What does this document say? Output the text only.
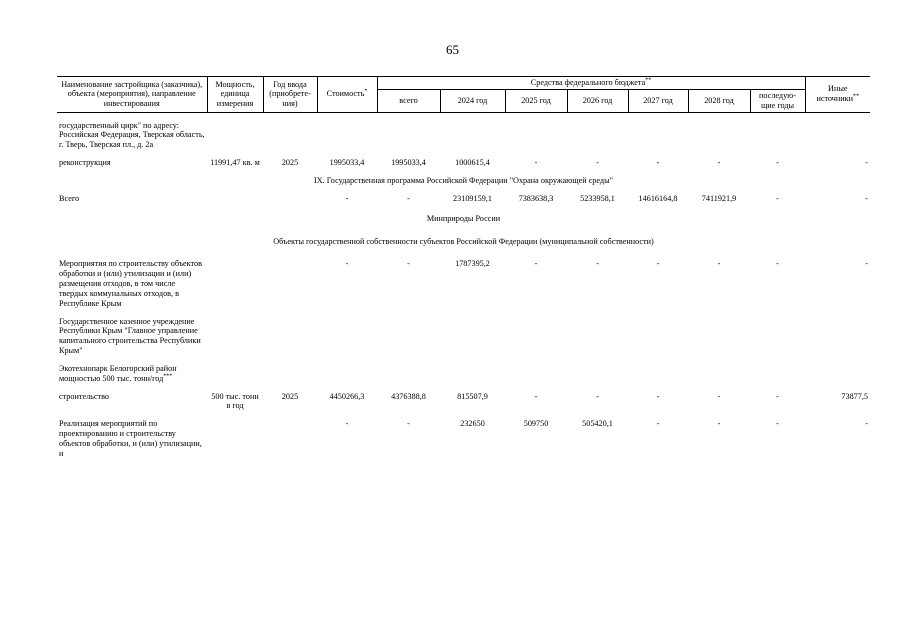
65
Наименование застройщика (заказчика), объекта (мероприятия), направление инвестирования	Мощность, единица измерения	Год ввода (приобрете-ния)	Стоимость*	Средства федерального бюджета**							Иные источники**
				всего	2024 год	2025 год	2026 год	2027 год	2028 год	последую-щие годы	

государственный цирк" по адресу: Российская Федерация, Тверская область, г. Тверь, Тверская пл., д. 2а											

реконструкция	11991,47 кв. м	2025	1995033,4	1995033,4	1000615,4	-	-	-	-	-	-
IX. Государственная программа Российской Федерации "Охрана окружающей среды"											
Всего			-	-	23109159,1	7383638,3	5233958,1	14616164,8	7411921,9	-	-
Минприроды России											
Объекты государственной собственности субъектов Российской Федерации (муниципальной собственности)											
Мероприятия по строительству объектов обработки и (или) утилизации и (или) размещения отходов, в том числе твердых коммунальных отходов, в Республике Крым			-	-	1787395,2	-	-	-	-	-	-

Государственное казенное учреждение Республики Крым "Главное управление капитального строительства Республики Крым"											

Экотехнопарк Белогорский район мощностью 500 тыс. тонн/год***	

строительство	500 тыс. тонн в год	2025	4450266,3	4376388,8	815507,9	-	-	-	-	-	73877,5

Реализация мероприятий по проектированию и строительству объектов обработки, и (или) утилизации, и			-	-	232650	509750	505420,1	-	-	-	-
